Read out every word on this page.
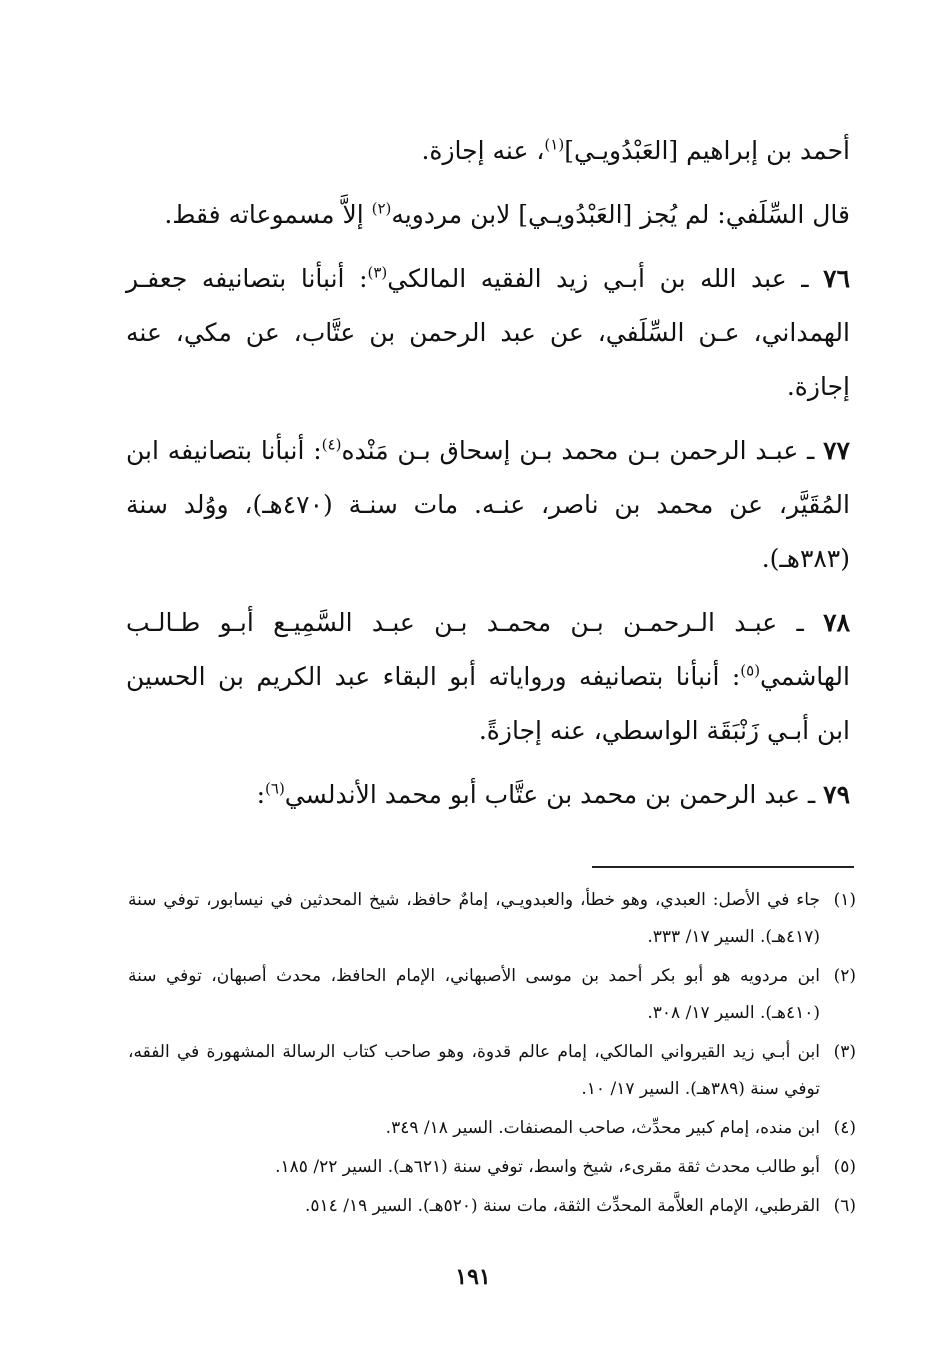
أحمد بن إبراهيم [العَبْدُويـي]$^{(١)}$، عنه إجازة.

قال السِّلَفي: لم يُجز [العَبْدُويـي] لابن مردويه$^{(٢)}$ إلاَّ مسموعاته فقط.

٧٦ ـ عبد الله بن أبـي زيد الفقيه المالكي$^{(٣)}$: أنبأنا بتصانيفه جعفـر الهمداني، عـن السِّلَفي، عن عبد الرحمن بن عتَّاب، عن مكي، عنه إجازة.

٧٧ ـ عبـد الرحمن بـن محمد بـن إسحاق بـن مَنْده$^{(٤)}$: أنبأنا بتصانيفه ابن المُقَيَّر، عن محمد بن ناصر، عنـه. مات سنـة (٤٧٠هـ)، ووُلد سنة (٣٨٣هـ).

٧٨ ـ عبـد الـرحمـن بـن محمـد بـن عبـد السَّمِيـع أبـو طـالـب الهاشمي$^{(٥)}$: أنبأنا بتصانيفه ورواياته أبو البقاء عبد الكريم بن الحسين ابن أبـي زَنْبَقَة الواسطي، عنه إجازةً.

٧٩ ـ عبد الرحمن بن محمد بن عتَّاب أبو محمد الأندلسي$^{(٦)}$:

(١)
جاء في الأصل: العبدي، وهو خطأ، والعبدويـي، إمامٌ حافظ، شيخ المحدثين في نيسابور، توفي سنة (٤١٧هـ). السير ١٧/ ٣٣٣.
(٢)
ابن مردويه هو أبو بكر أحمد بن موسى الأصبهاني، الإمام الحافظ، محدث أصبهان، توفي سنة (٤١٠هـ). السير ١٧/ ٣٠٨.
(٣)
ابن أبـي زيد القيرواني المالكي، إمام عالم قدوة، وهو صاحب كتاب الرسالة المشهورة في الفقه، توفي سنة (٣٨٩هـ). السير ١٧/ ١٠.
(٤)
ابن منده، إمام كبير محدِّث، صاحب المصنفات. السير ١٨/ ٣٤٩.
(٥)
أبو طالب محدث ثقة مقرىء، شيخ واسط، توفي سنة (٦٢١هـ). السير ٢٢/ ١٨٥.
(٦)
القرطبي، الإمام العلاَّمة المحدِّث الثقة، مات سنة (٥٢٠هـ). السير ١٩/ ٥١٤.
١٩١
